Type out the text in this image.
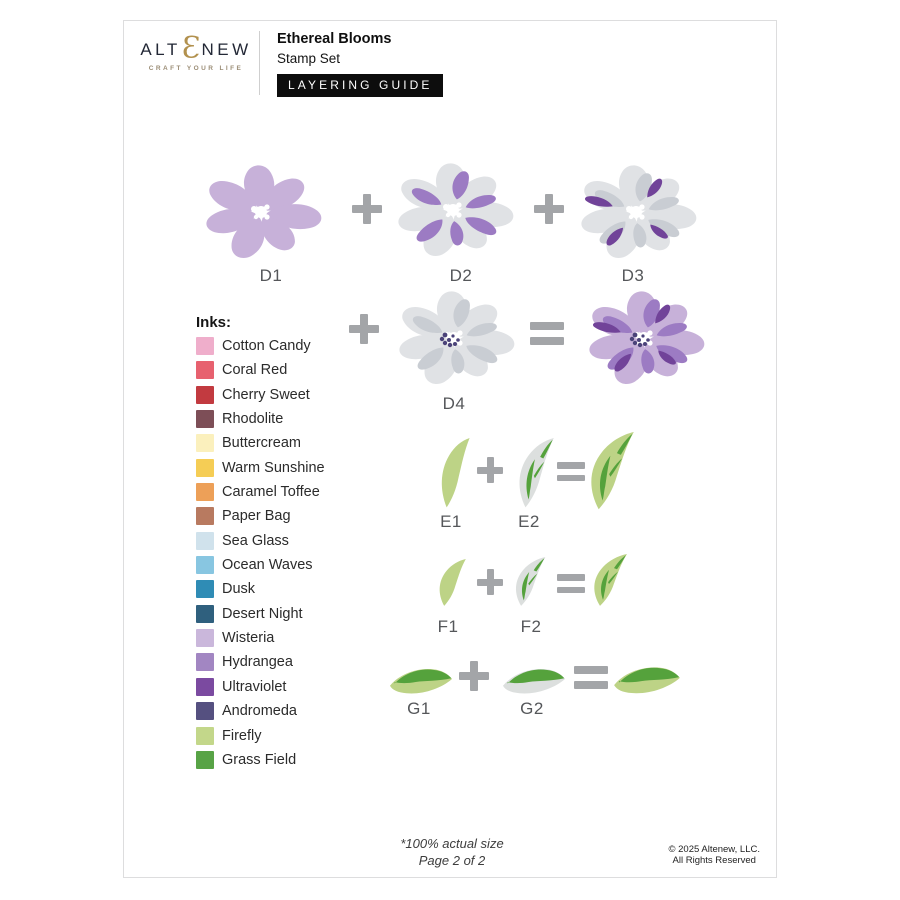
ALT Ɛ NEW
CRAFT YOUR LIFE
Ethereal Blooms
Stamp Set
LAYERING GUIDE
D1	D2	D3
D4
Inks:
Cotton Candy
Coral Red
Cherry Sweet
Rhodolite
Buttercream
Warm Sunshine
Caramel Toffee
Paper Bag
Sea Glass
Ocean Waves
Dusk
Desert Night
Wisteria
Hydrangea
Ultraviolet
Andromeda
Firefly
Grass Field
E1	E2
F1	F2
G1	G2
*100% actual size
Page 2 of 2
© 2025 Altenew, LLC.
All Rights Reserved
